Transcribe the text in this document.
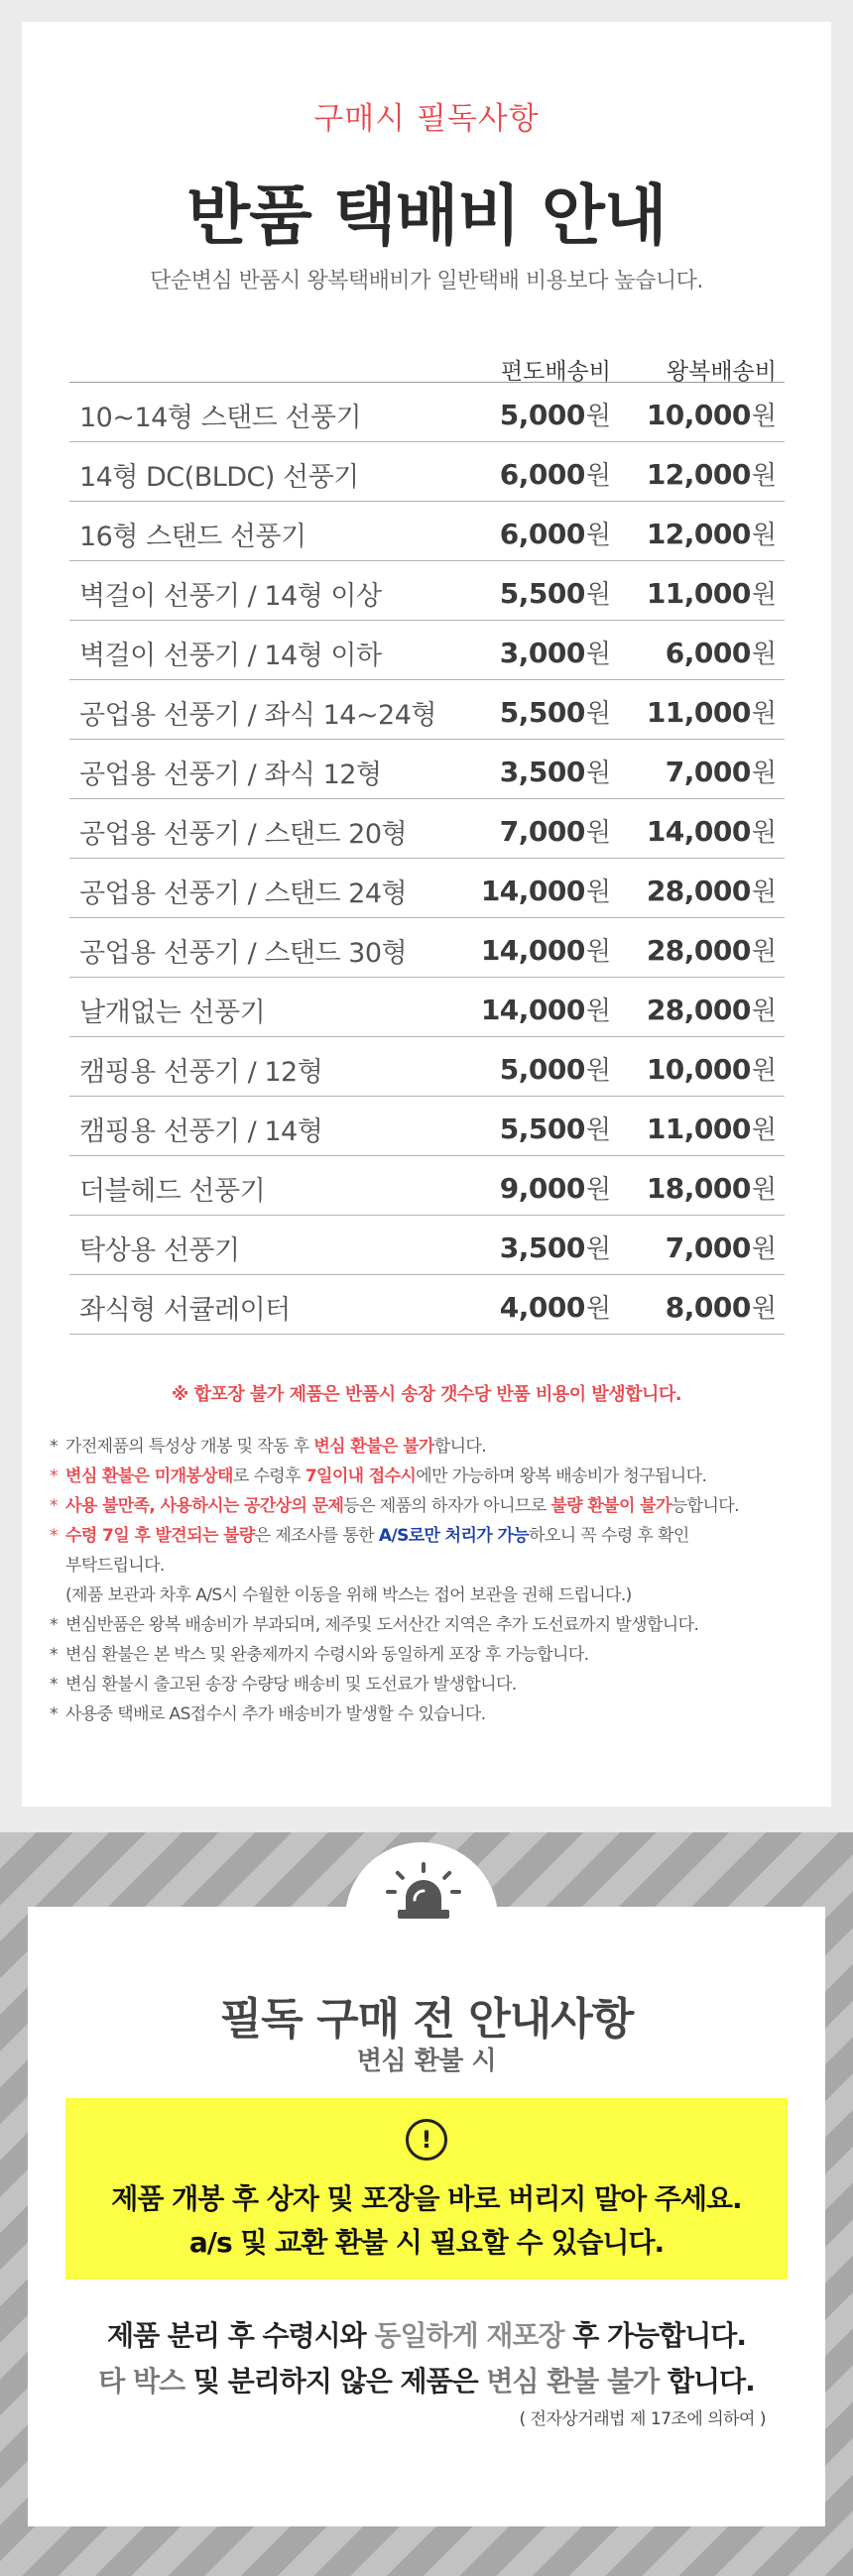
구매시 필독사항
반품 택배비 안내
단순변심 반품시 왕복택배비가 일반택배 비용보다 높습니다.
편도배송비 왕복배송비
10~14형 스탠드 선풍기	5,000원 10,000원
14형 DC(BLDC) 선풍기	6,000원 12,000원
16형 스탠드 선풍기	6,000원 12,000원
벽걸이 선풍기 / 14형 이상	5,500원 11,000원
벽걸이 선풍기 / 14형 이하	3,000원 6,000원
공업용 선풍기 / 좌식 14~24형 5,500원 11,000원
공업용 선풍기 / 좌식 12형	3,500원 7,000원
공업용 선풍기 / 스탠드 20형	7,000원 14,000원
공업용 선풍기 / 스탠드 24형	14,000원 28,000원
공업용 선풍기 / 스탠드 30형	14,000원 28,000원
날개없는 선풍기	14,000원 28,000원
캠핑용 선풍기 / 12형	5,000원 10,000원
캠핑용 선풍기 / 14형	5,500원 11,000원
더블헤드 선풍기	9,000원 18,000원
탁상용 선풍기	3,500원 7,000원
좌식형 서큘레이터	4,000원 8,000원
※ 합포장 불가 제품은 반품시 송장 갯수당 반품 비용이 발생합니다.
* 가전제품의 특성상 개봉 및 작동 후 변심 환불은 불가합니다.
* 변심 환불은 미개봉상태로 수령후 7일이내 접수시에만 가능하며 왕복 배송비가 청구됩니다.
* 사용 불만족, 사용하시는 공간상의 문제등은 제품의 하자가 아니므로 불량 환불이 불가능합니다.
* 수령 7일 후 발견되는 불량은 제조사를 통한 A/S로만 처리가 가능하오니 꼭 수령 후 확인
부탁드립니다.
(제품 보관과 차후 A/S시 수월한 이동을 위해 박스는 접어 보관을 권해 드립니다.)
* 변심반품은 왕복 배송비가 부과되며, 제주및 도서산간 지역은 추가 도선료까지 발생합니다.
* 변심 환불은 본 박스 및 완충제까지 수령시와 동일하게 포장 후 가능합니다.
* 변심 환불시 출고된 송장 수량당 배송비 및 도선료가 발생합니다.
* 사용중 택배로 AS접수시 추가 배송비가 발생할 수 있습니다.
필독 구매 전 안내사항
변심 환불 시
!
제품 개봉 후 상자 및 포장을 바로 버리지 말아 주세요.
a/s 및 교환 환불 시 필요할 수 있습니다.
제품 분리 후 수령시와 동일하게 재포장 후 가능합니다.
타 박스 및 분리하지 않은 제품은 변심 환불 불가 합니다.
( 전자상거래법 제 17조에 의하여 )
